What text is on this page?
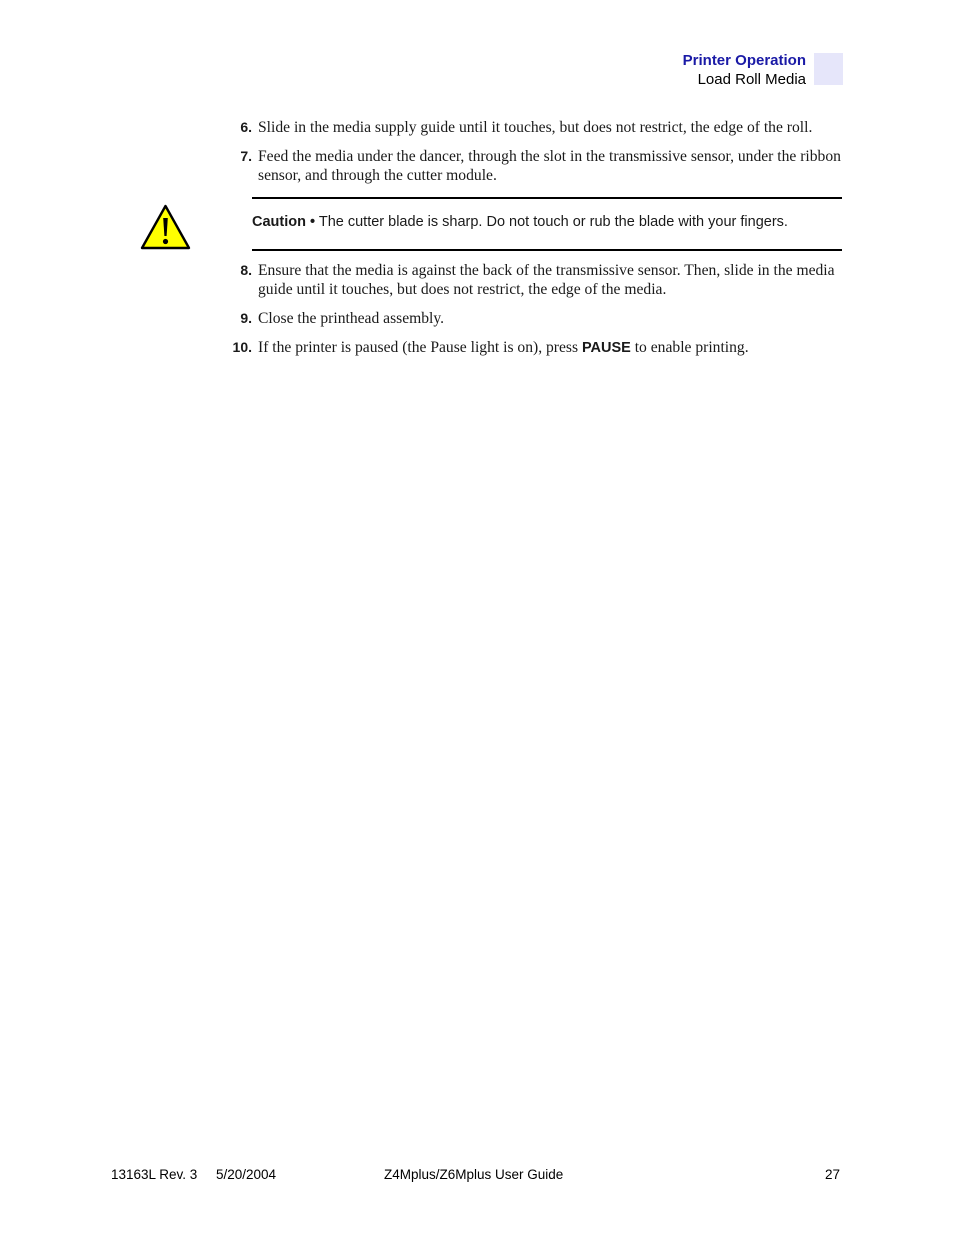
Printer Operation
Load Roll Media
6. Slide in the media supply guide until it touches, but does not restrict, the edge of the roll.
7. Feed the media under the dancer, through the slot in the transmissive sensor, under the ribbon sensor, and through the cutter module.
Caution • The cutter blade is sharp. Do not touch or rub the blade with your fingers.
8. Ensure that the media is against the back of the transmissive sensor. Then, slide in the media guide until it touches, but does not restrict, the edge of the media.
9. Close the printhead assembly.
10. If the printer is paused (the Pause light is on), press PAUSE to enable printing.
13163L Rev. 3 5/20/2004	Z4Mplus/Z6Mplus User Guide	27
